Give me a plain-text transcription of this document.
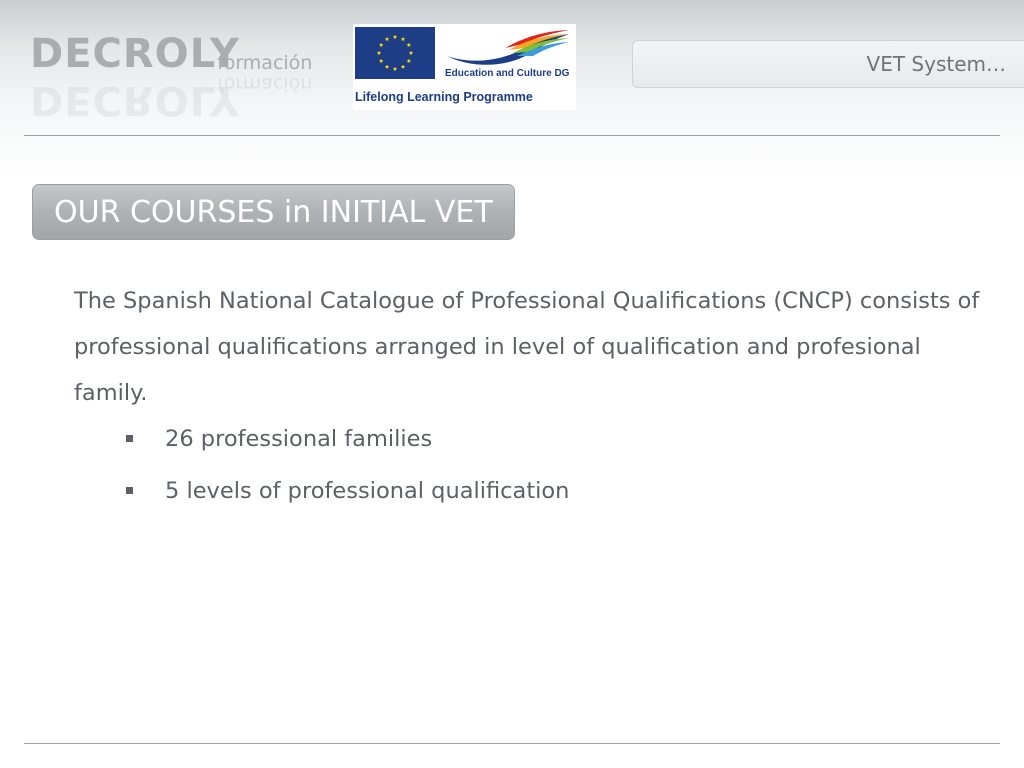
DECROLY
formación
DECROLY
formación	Education and Culture DG
Lifelong Learning Programme
VET System…
OUR COURSES in INITIAL VET
The Spanish National Catalogue of Professional Qualifications (CNCP) consists of professional qualifications arranged in level of qualification and profesional family.
26 professional families
5 levels of professional qualification
